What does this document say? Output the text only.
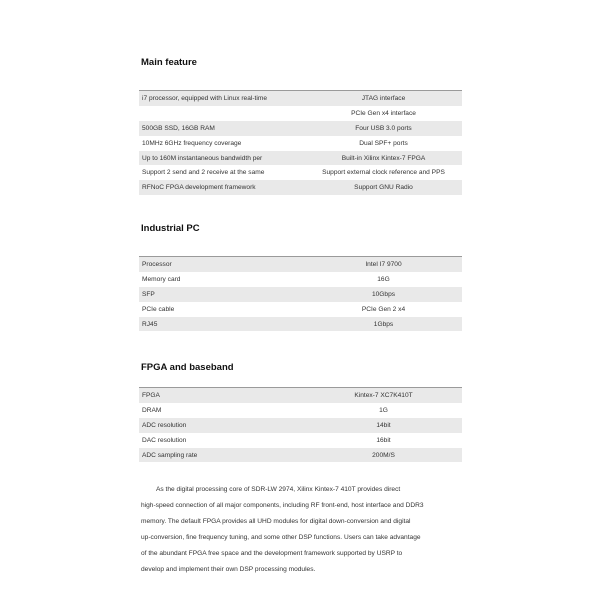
Main feature
i7 processor, equipped with Linux real-time	JTAG interface
	PCIe Gen x4 interface
500GB SSD, 16GB RAM	Four USB 3.0 ports
10MHz 6GHz frequency coverage	Dual SPF+ ports
Up to 160M instantaneous bandwidth per	Built-in Xilinx Kintex-7 FPGA
Support 2 send and 2 receive at the same	Support external clock reference and PPS
RFNoC FPGA development framework	Support GNU Radio
Industrial PC
Processor	Intel I7 9700
Memory card	16G
SFP	10Gbps
PCIe cable	PCIe Gen 2 x4
RJ45	1Gbps
FPGA and baseband
FPGA	Kintex-7 XC7K410T
DRAM	1G
ADC resolution	14bit
DAC resolution	16bit
ADC sampling rate	200M/S

As the digital processing core of SDR-LW 2974, Xilinx Kintex-7 410T provides direct
high-speed connection of all major components, including RF front-end, host interface and DDR3
memory. The default FPGA provides all UHD modules for digital down-conversion and digital
up-conversion, fine frequency tuning, and some other DSP functions. Users can take advantage
of the abundant FPGA free space and the development framework supported by USRP to
develop and implement their own DSP processing modules.
